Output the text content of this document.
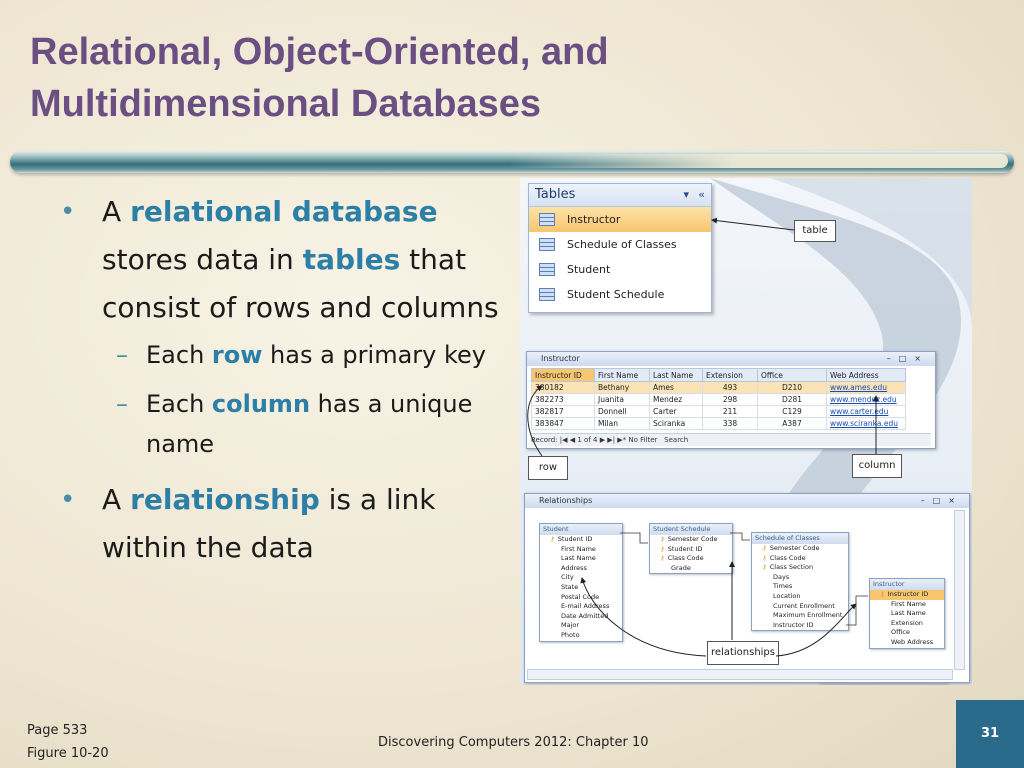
Relational, Object-Oriented, and
Multidimensional Databases
• A relational database stores data in tables that consist of rows and columns
– Each row has a primary key
– Each column has a unique name
• A relationship is a link within the data
Tables	▾ «
Instructor
Schedule of Classes
Student
Student Schedule
table
Instructor	–□×
Instructor ID	First Name	Last Name	Extension	Office	Web Address
380182	Bethany	Ames	493	D210	www.ames.edu
382273	Juanita	Mendez	298	D281	www.mendez.edu
382817	Donnell	Carter	211	C129	www.carter.edu
383847	Milan	Sciranka	338	A387	www.sciranka.edu
Record: |◀ ◀ 1 of 4 ▶ ▶| ▶* No Filter Search
row	column
Relationships	–□×
Student
⚷ Student ID
First Name
Last Name
Address
City
State
Postal Code
E-mail Address
Date Admitted
Major
Photo
Student Schedule
⚷ Semester Code
⚷ Student ID
⚷ Class Code
Grade
Schedule of Classes
⚷ Semester Code
⚷ Class Code
⚷ Class Section
Days
Times
Location
Current Enrollment
Maximum Enrollment
Instructor ID
Instructor
⚷ Instructor ID
First Name
Last Name
Extension
Office
Web Address
relationships
Page 533
Figure 10-20
Discovering Computers 2012: Chapter 10
31
